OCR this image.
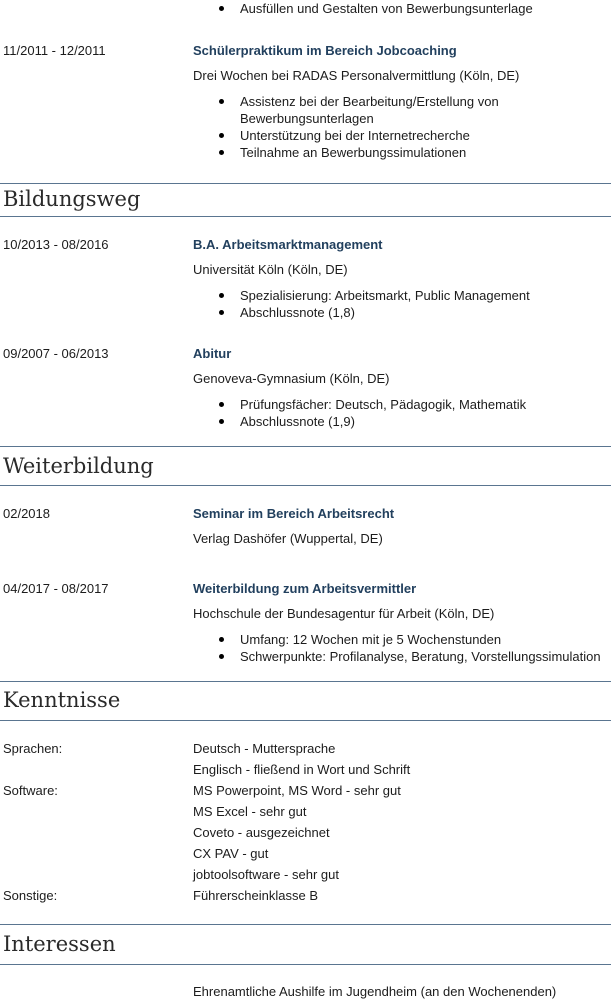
Ausfüllen und Gestalten von Bewerbungsunterlage
11/2011 - 12/2011	Schülerpraktikum im Bereich Jobcoaching
Drei Wochen bei RADAS Personalvermittlung (Köln, DE)
Assistenz bei der Bearbeitung/Erstellung von
Bewerbungsunterlagen
Unterstützung bei der Internetrecherche
Teilnahme an Bewerbungssimulationen
Bildungsweg
10/2013 - 08/2016	B.A. Arbeitsmarktmanagement
Universität Köln (Köln, DE)
Spezialisierung: Arbeitsmarkt, Public Management
Abschlussnote (1,8)
09/2007 - 06/2013	Abitur
Genoveva-Gymnasium (Köln, DE)
Prüfungsfächer: Deutsch, Pädagogik, Mathematik
Abschlussnote (1,9)
Weiterbildung
02/2018	Seminar im Bereich Arbeitsrecht
Verlag Dashöfer (Wuppertal, DE)
04/2017 - 08/2017	Weiterbildung zum Arbeitsvermittler
Hochschule der Bundesagentur für Arbeit (Köln, DE)
Umfang: 12 Wochen mit je 5 Wochenstunden
Schwerpunkte: Profilanalyse, Beratung, Vorstellungssimulation
Kenntnisse
Sprachen:	Deutsch - Muttersprache
Englisch - fließend in Wort und Schrift
Software:	MS Powerpoint, MS Word - sehr gut
MS Excel - sehr gut
Coveto - ausgezeichnet
CX PAV - gut
jobtoolsoftware - sehr gut
Sonstige:	Führerscheinklasse B
Interessen
Ehrenamtliche Aushilfe im Jugendheim (an den Wochenenden)
